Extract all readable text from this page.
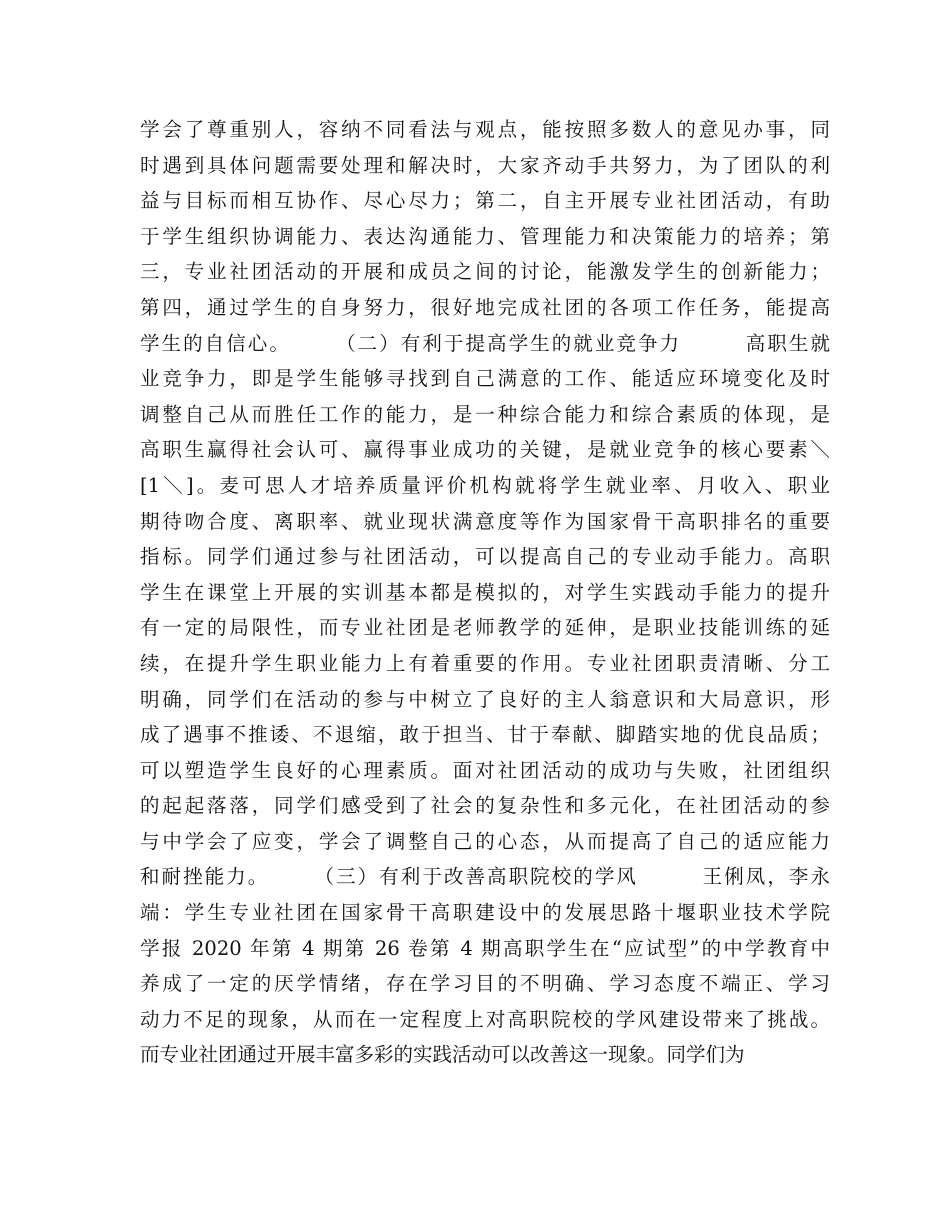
学会了尊重别人，容纳不同看法与观点，能按照多数人的意见办事，同
时遇到具体问题需要处理和解决时，大家齐动手共努力，为了团队的利
益与目标而相互协作、尽心尽力；第二，自主开展专业社团活动，有助
于学生组织协调能力、表达沟通能力、管理能力和决策能力的培养；第
三，专业社团活动的开展和成员之间的讨论，能激发学生的创新能力；
第四，通过学生的自身努力，很好地完成社团的各项工作任务，能提高
学生的自信心。　　　（二）有利于提高学生的就业竞争力　　　高职生就
业竞争力，即是学生能够寻找到自己满意的工作、能适应环境变化及时
调整自己从而胜任工作的能力，是一种综合能力和综合素质的体现，是
高职生赢得社会认可、赢得事业成功的关键，是就业竞争的核心要素＼
[1＼]。麦可思人才培养质量评价机构就将学生就业率、月收入、职业
期待吻合度、离职率、就业现状满意度等作为国家骨干高职排名的重要
指标。同学们通过参与社团活动，可以提高自己的专业动手能力。高职
学生在课堂上开展的实训基本都是模拟的，对学生实践动手能力的提升
有一定的局限性，而专业社团是老师教学的延伸，是职业技能训练的延
续，在提升学生职业能力上有着重要的作用。专业社团职责清晰、分工
明确，同学们在活动的参与中树立了良好的主人翁意识和大局意识，形
成了遇事不推诿、不退缩，敢于担当、甘于奉献、脚踏实地的优良品质；
可以塑造学生良好的心理素质。面对社团活动的成功与失败，社团组织
的起起落落，同学们感受到了社会的复杂性和多元化，在社团活动的参
与中学会了应变，学会了调整自己的心态，从而提高了自己的适应能力
和耐挫能力。　　　（三）有利于改善高职院校的学风　　　王俐凤，李永
端：学生专业社团在国家骨干高职建设中的发展思路十堰职业技术学院
学报 2020 年第 4 期第 26 卷第 4 期高职学生在“应试型”的中学教育中
养成了一定的厌学情绪，存在学习目的不明确、学习态度不端正、学习
动力不足的现象，从而在一定程度上对高职院校的学风建设带来了挑战。
而专业社团通过开展丰富多彩的实践活动可以改善这一现象。同学们为
